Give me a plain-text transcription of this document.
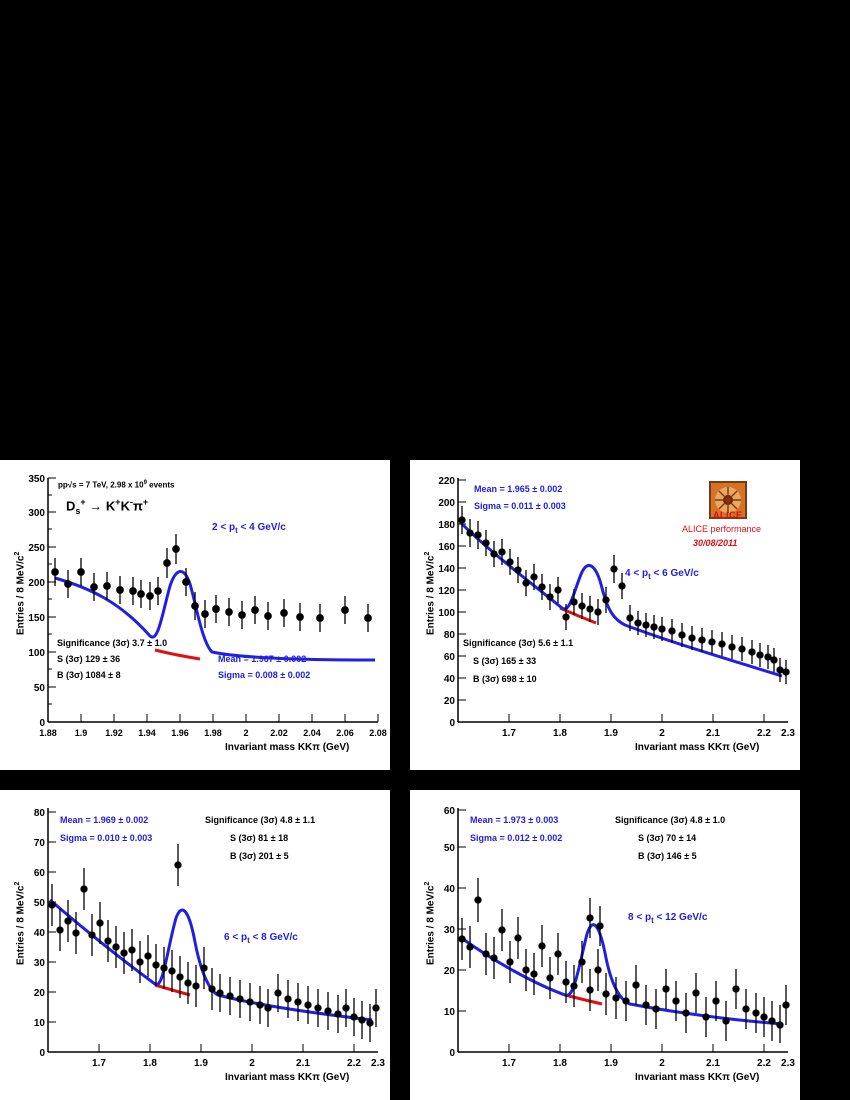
0
50
100
150
200
250
300
350
1.88 1.9 1.92 1.94 1.96 1.98 2 2.02 2.04 2.06 2.08
Entries / 8 MeV/$c^2$
Invariant mass KKπ (GeV)
pp√s = 7 TeV, 2.98 x $10^9$ events
$D_s^+ \to K^+K^-\pi^+$
$2 < p_t < 4$ GeV/c
Significance (3σ) 3.7 ± 1.0
S (3σ) 129 ± 36
B (3σ) 1084 ± 8
Mean = 1.967 ± 0.002
Sigma = 0.008 ± 0.002
0
20
40
60
80
100
120
140
160
180
200
220
1.7	1.8	1.9	2	2.1	2.2 2.3
Entries / 8 MeV/$c^2$
Invariant mass KKπ (GeV)
Mean = 1.965 ± 0.002
Sigma = 0.011 ± 0.003
ALICE
ALICE performance
30/08/2011
$4 < p_t < 6$ GeV/c
Significance (3σ) 5.6 ± 1.1
S (3σ) 165 ± 33
B (3σ) 698 ± 10
0
10
20
30
40
50
60
70
80
1.7	1.8	1.9	2	2.1	2.2 2.3
Entries / 8 MeV/$c^2$
Invariant mass KKπ (GeV)
Mean = 1.969 ± 0.002
Sigma = 0.010 ± 0.003
Significance (3σ) 4.8 ± 1.1
S (3σ) 81 ± 18
B (3σ) 201 ± 5
$6 < p_t < 8$ GeV/c
0
10
20
30
40
50
60
1.7	1.8	1.9	2	2.1	2.2 2.3
Entries / 8 MeV/$c^2$
Invariant mass KKπ (GeV)
Mean = 1.973 ± 0.003
Sigma = 0.012 ± 0.002
Significance (3σ) 4.8 ± 1.0
S (3σ) 70 ± 14
B (3σ) 146 ± 5
$8 < p_t < 12$ GeV/c
